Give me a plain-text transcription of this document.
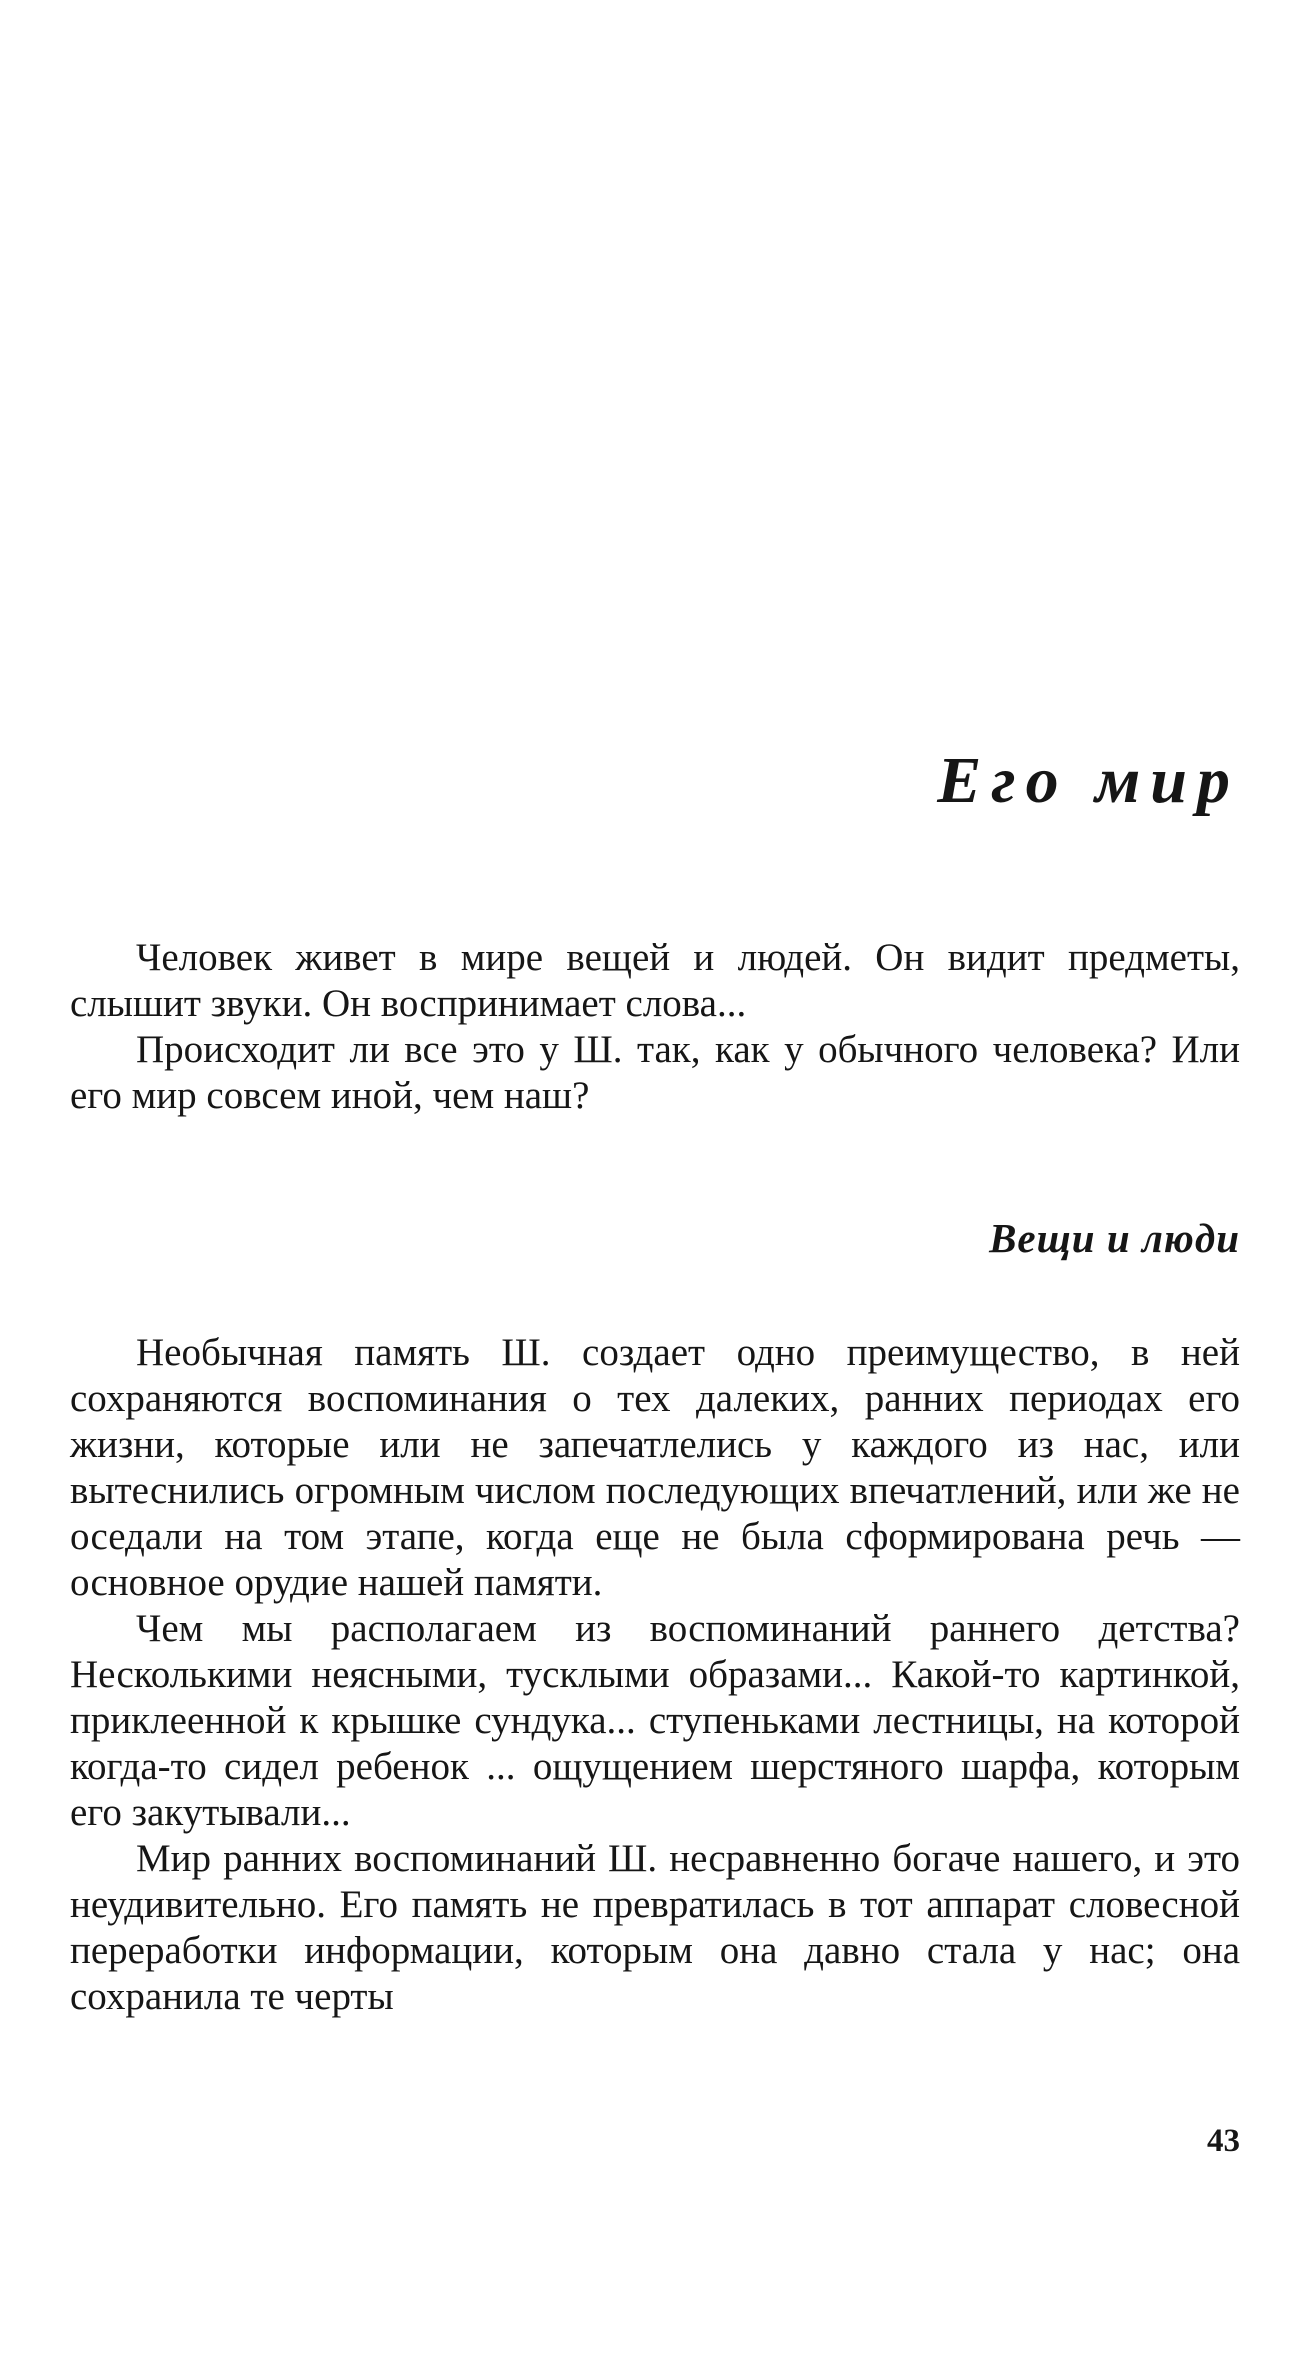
Его мир

Человек живет в мире вещей и людей. Он видит предметы, слышит звуки. Он воспринимает слова...

Происходит ли все это у Ш. так, как у обычного человека? Или его мир совсем иной, чем наш?

Вещи и люди

Необычная память Ш. создает одно преимущество, в ней сохраняются воспоминания о тех далеких, ранних периодах его жизни, которые или не запечатлелись у каждого из нас, или вытеснились огромным числом последующих впечатлений, или же не оседали на том этапе, когда еще не была сформирована речь — основное орудие нашей памяти.

Чем мы располагаем из воспоминаний раннего детства? Несколькими неясными, тусклыми образами... Какой-то картинкой, приклеенной к крышке сундука... ступеньками лестницы, на которой когда-то сидел ребенок ... ощущением шерстяного шарфа, которым его закутывали...

Мир ранних воспоминаний Ш. несравненно богаче нашего, и это неудивительно. Его память не превратилась в тот аппарат словесной переработки информации, которым она давно стала у нас; она сохранила те черты

43
